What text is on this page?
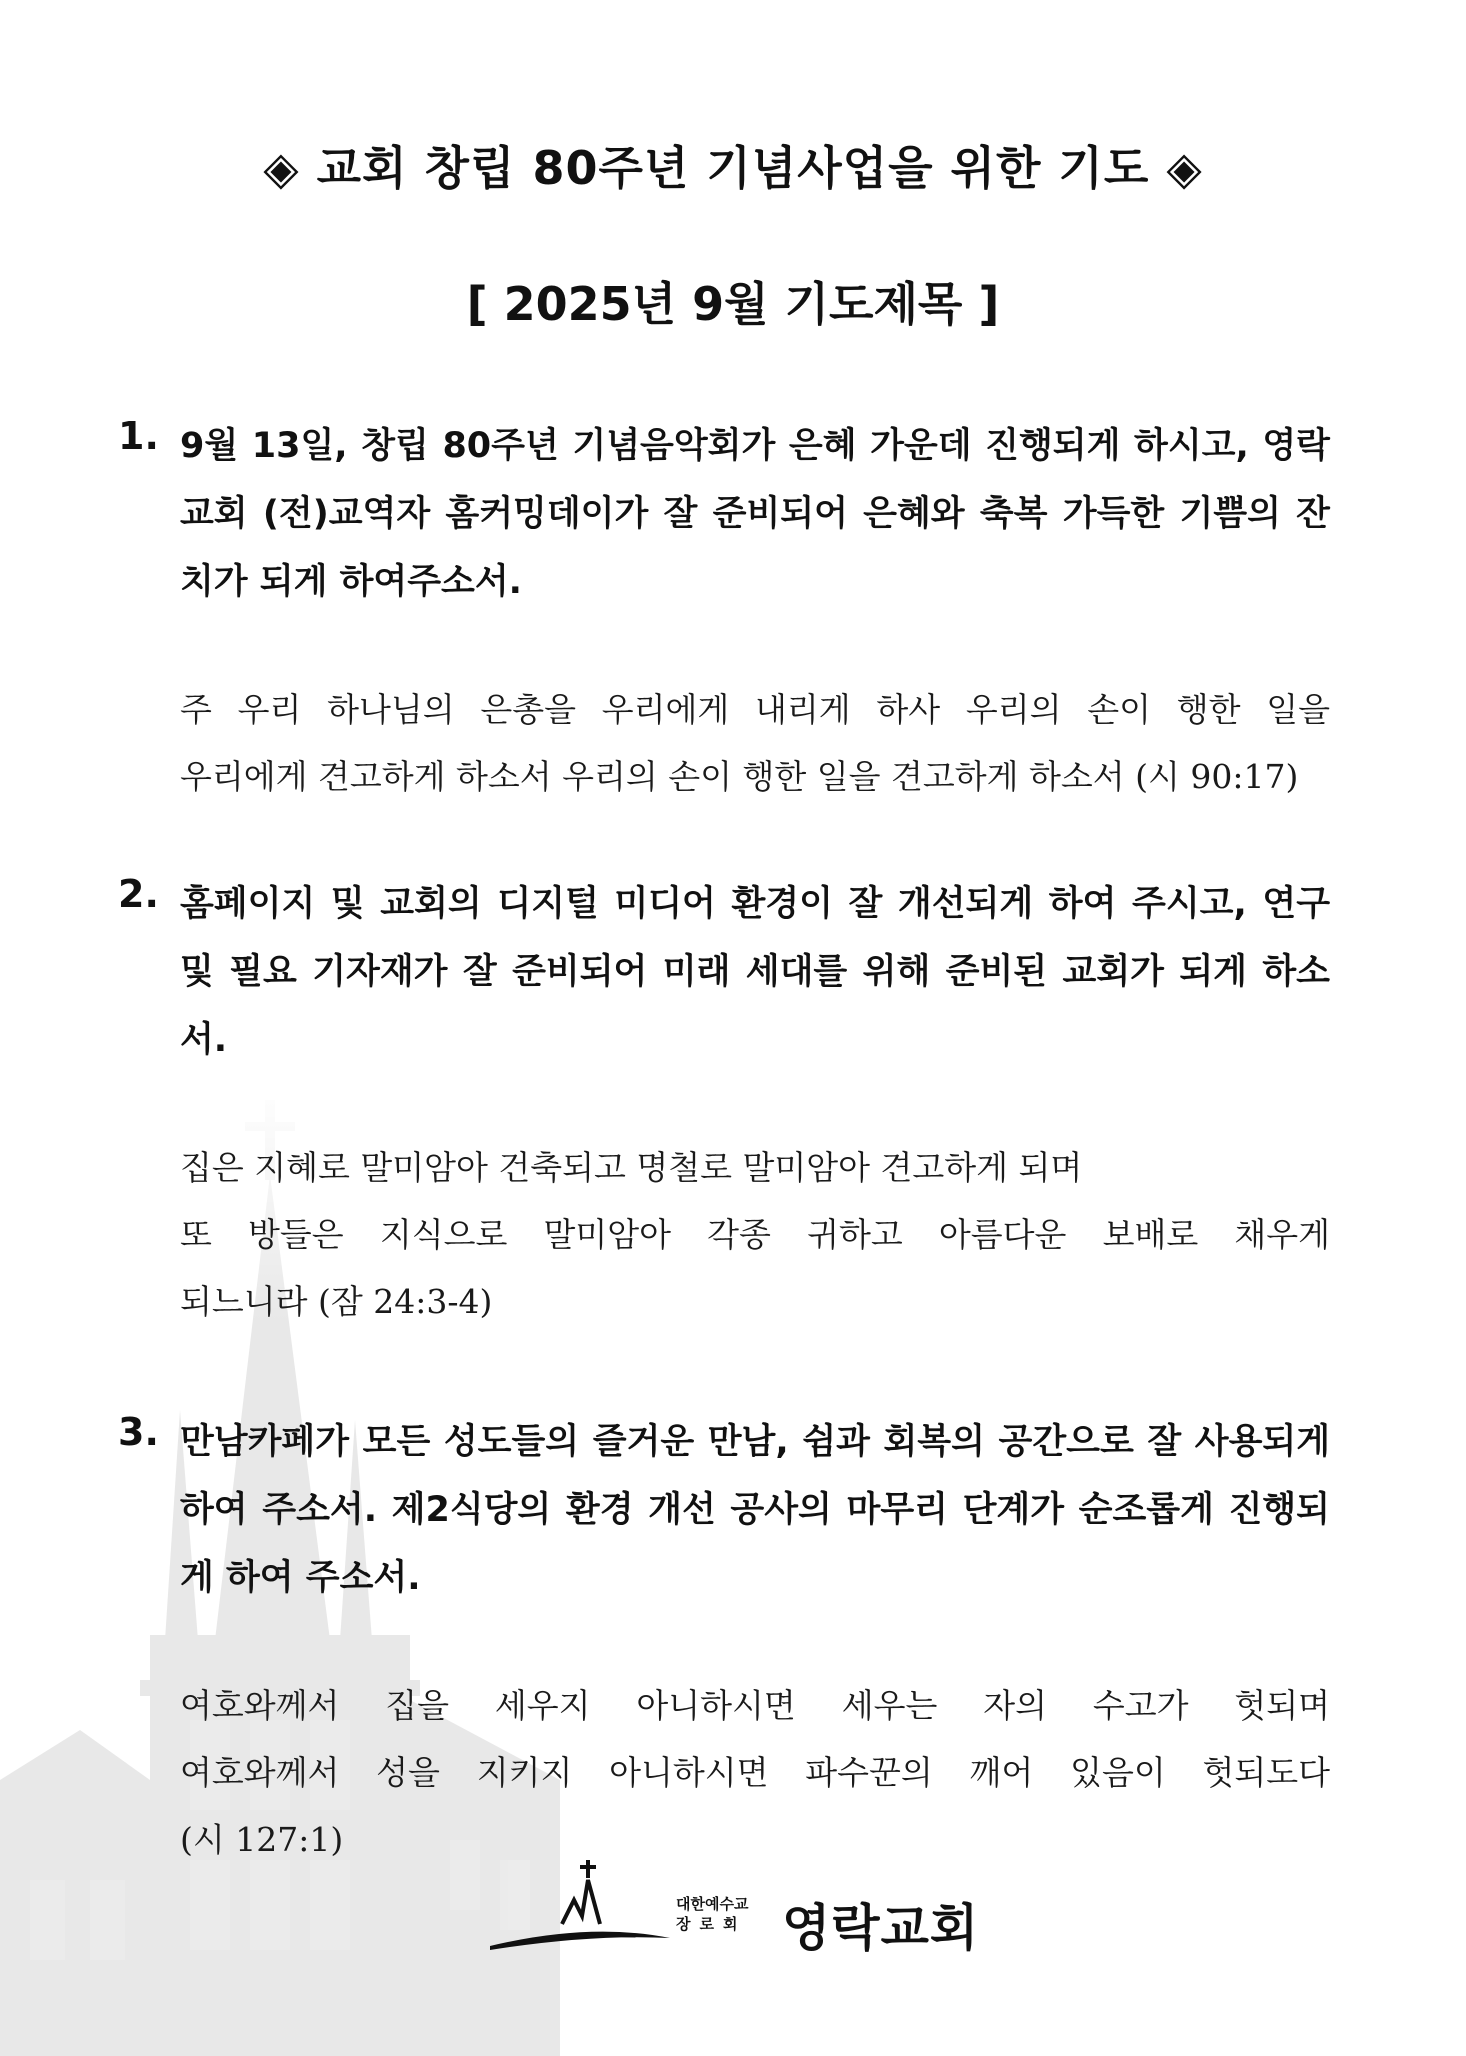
◈ 교회 창립 80주년 기념사업을 위한 기도 ◈
[ 2025년 9월 기도제목 ]
1. 9월 13일, 창립 80주년 기념음악회가 은혜 가운데 진행되게 하시고, 영락교회 (전)교역자 홈커밍데이가 잘 준비되어 은혜와 축복 가득한 기쁨의 잔치가 되게 하여주소서.
주 우리 하나님의 은총을 우리에게 내리게 하사 우리의 손이 행한 일을
우리에게 견고하게 하소서 우리의 손이 행한 일을 견고하게 하소서 (시 90:17)
2. 홈페이지 및 교회의 디지털 미디어 환경이 잘 개선되게 하여 주시고, 연구 및 필요 기자재가 잘 준비되어 미래 세대를 위해 준비된 교회가 되게 하소서.
집은 지혜로 말미암아 건축되고 명철로 말미암아 견고하게 되며
또 방들은 지식으로 말미암아 각종 귀하고 아름다운 보배로 채우게
되느니라 (잠 24:3-4)
3. 만남카페가 모든 성도들의 즐거운 만남, 쉼과 회복의 공간으로 잘 사용되게 하여 주소서. 제2식당의 환경 개선 공사의 마무리 단계가 순조롭게 진행되게 하여 주소서.
여호와께서 집을 세우지 아니하시면 세우는 자의 수고가 헛되며
여호와께서 성을 지키지 아니하시면 파수꾼의 깨어 있음이 헛되도다
(시 127:1)
대한예수교
장로회 영락교회
